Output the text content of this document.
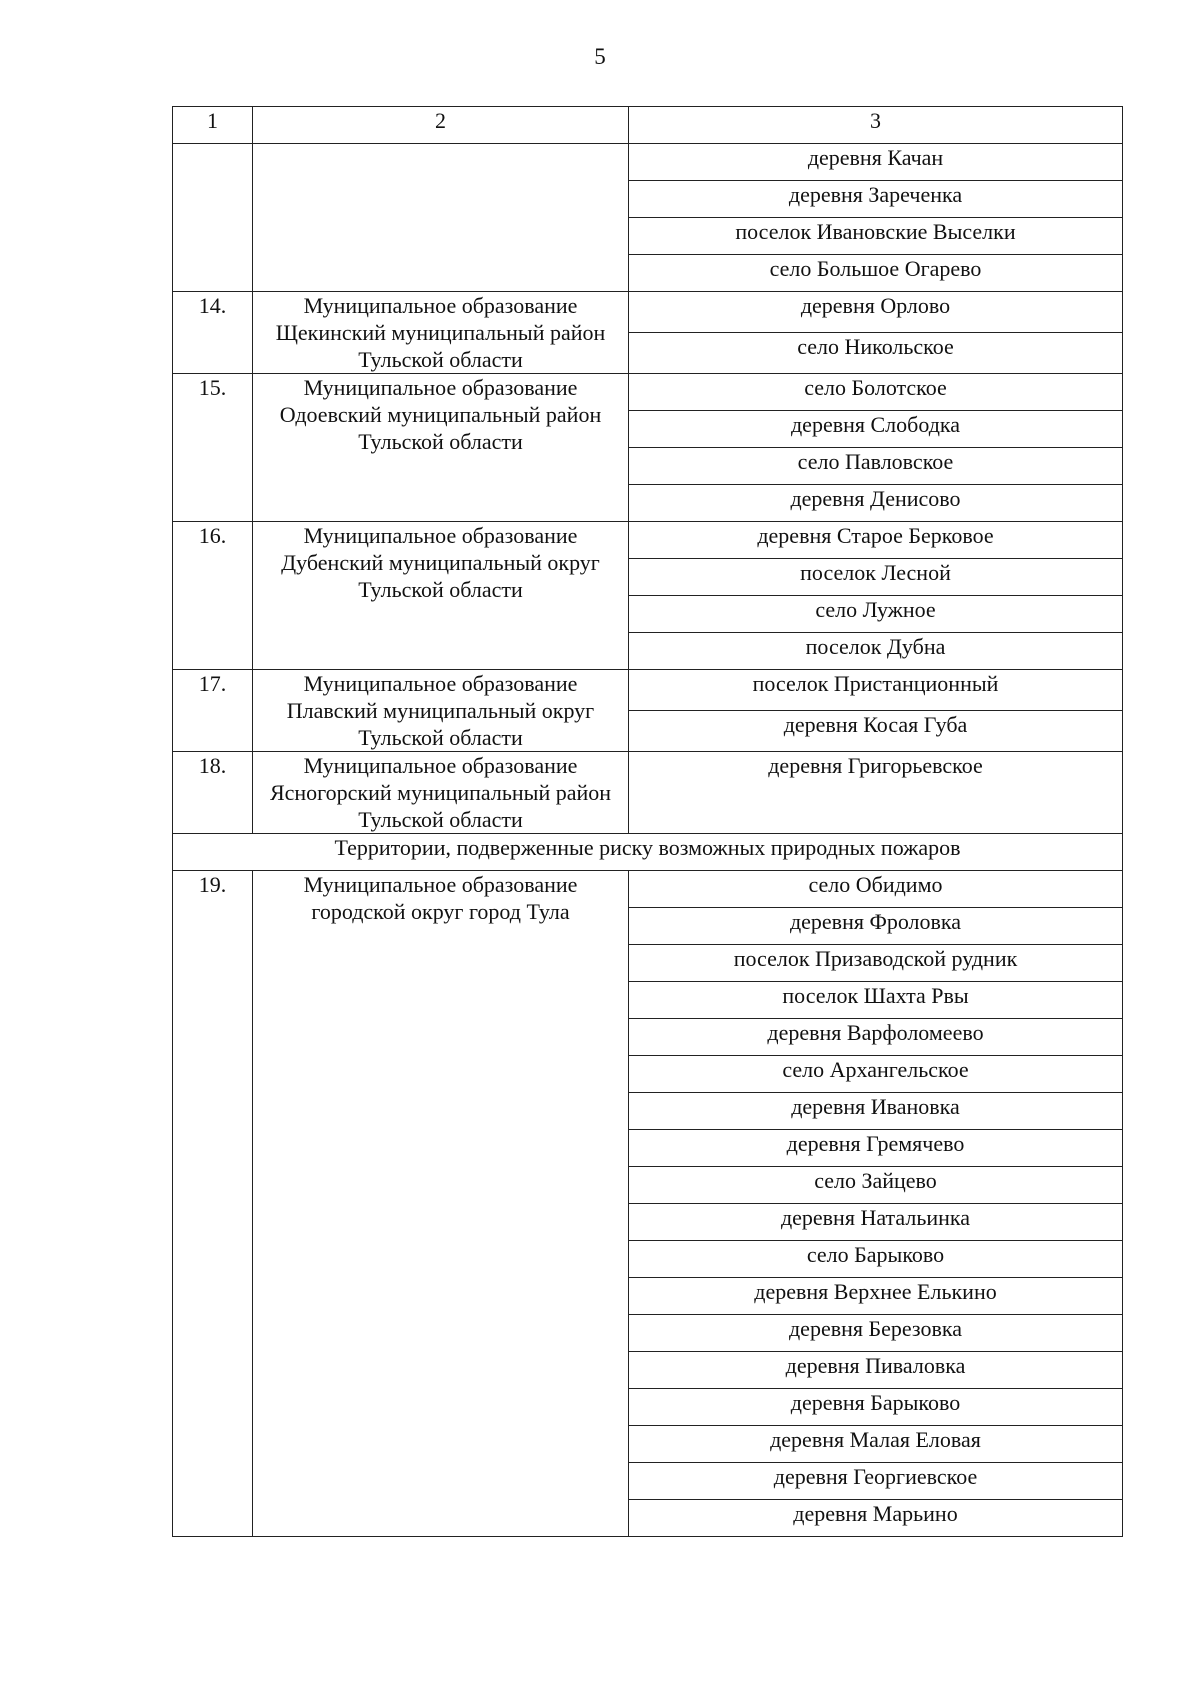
5
1	2	3
		деревня Качан
		деревня Зареченка
		поселок Ивановские Выселки
		село Большое Огарево
14.	Муниципальное образование Щекинский муниципальный район Тульской области	деревня Орлово
		село Никольское
15.	Муниципальное образование Одоевский муниципальный район Тульской области	село Болотское
		деревня Слободка
		село Павловское
		деревня Денисово
16.	Муниципальное образование Дубенский муниципальный округ Тульской области	деревня Старое Берковое
		поселок Лесной
		село Лужное
		поселок Дубна
17.	Муниципальное образование Плавский муниципальный округ Тульской области	поселок Пристанционный
		деревня Косая Губа
18.	Муниципальное образование Ясногорский муниципальный район Тульской области	деревня Григорьевское
Территории, подверженные риску возможных природных пожаров		
19.	Муниципальное образование городской округ город Тула	село Обидимо
		деревня Фроловка
		поселок Призаводской рудник
		поселок Шахта Рвы
		деревня Варфоломеево
		село Архангельское
		деревня Ивановка
		деревня Гремячево
		село Зайцево
		деревня Натальинка
		село Барыково
		деревня Верхнее Елькино
		деревня Березовка
		деревня Пиваловка
		деревня Барыково
		деревня Малая Еловая
		деревня Георгиевское
		деревня Марьино
